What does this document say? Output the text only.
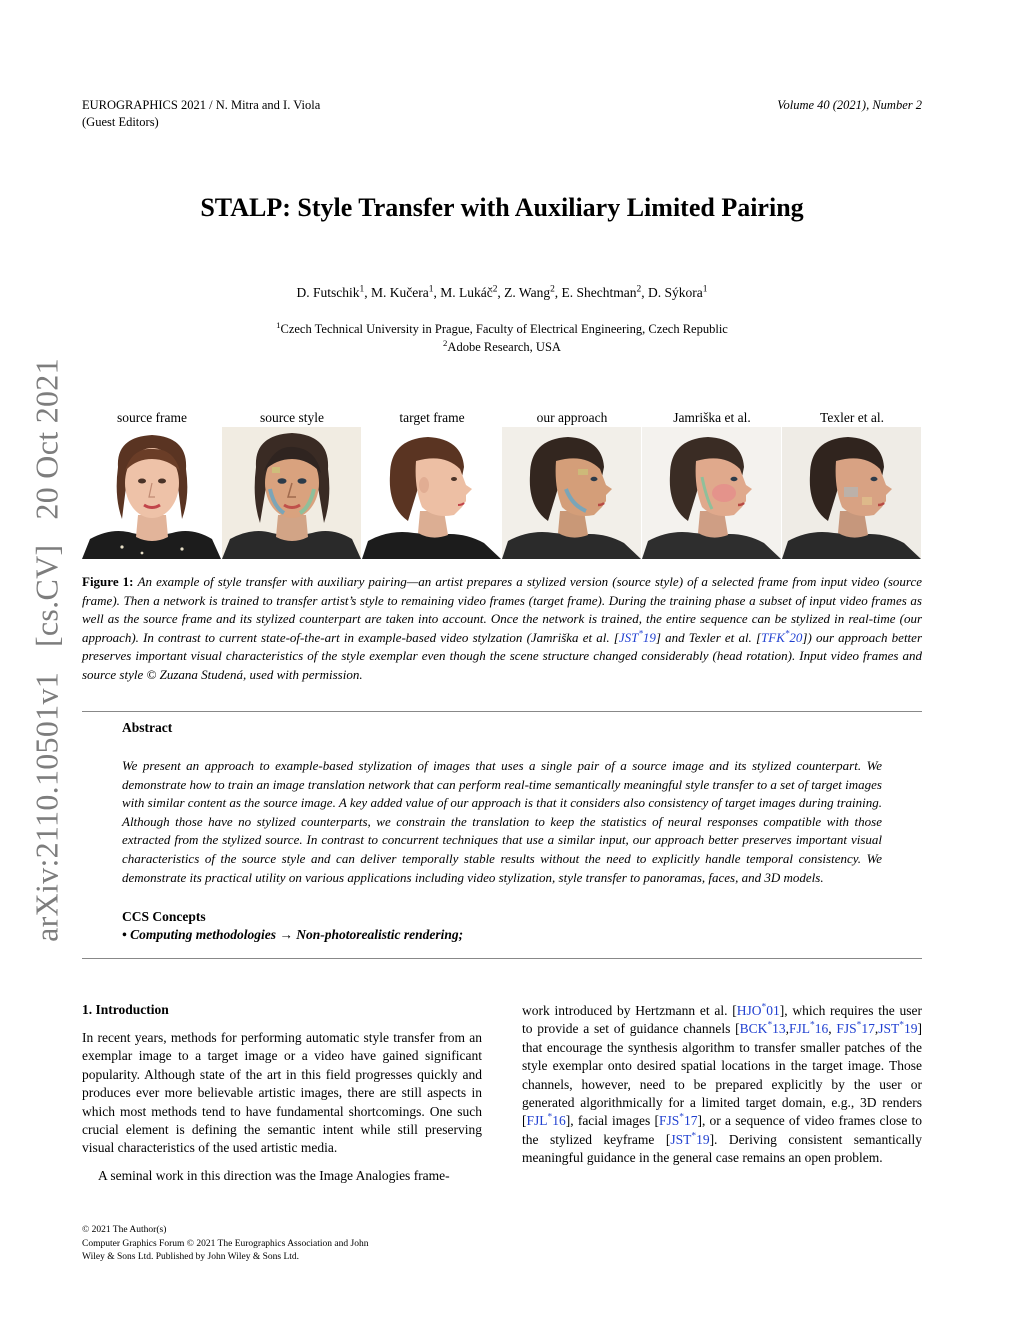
EUROGRAPHICS 2021 / N. Mitra and I. Viola
(Guest Editors)
Volume 40 (2021), Number 2
STALP: Style Transfer with Auxiliary Limited Pairing
D. Futschik$^1$, M. Kučera$^1$, M. Lukáč$^2$, Z. Wang$^2$, E. Shechtman$^2$, D. Sýkora$^1$
$^1$Czech Technical University in Prague, Faculty of Electrical Engineering, Czech Republic
$^2$Adobe Research, USA
source frame	source style	target frame	our approach	Jamriška et al.	Texler et al.
Figure 1: An example of style transfer with auxiliary pairing—an artist prepares a stylized version (source style) of a selected frame from input video (source frame). Then a network is trained to transfer artist’s style to remaining video frames (target frame). During the training phase a subset of input video frames as well as the source frame and its stylized counterpart are taken into account. Once the network is trained, the entire sequence can be stylized in real-time (our approach). In contrast to current state-of-the-art in example-based video stylzation (Jamriška et al. [JST*19] and Texler et al. [TFK*20]) our approach better preserves important visual characteristics of the style exemplar even though the scene structure changed considerably (head rotation). Input video frames and source style © Zuzana Studená, used with permission.
Abstract
We present an approach to example-based stylization of images that uses a single pair of a source image and its stylized counterpart. We demonstrate how to train an image translation network that can perform real-time semantically meaningful style transfer to a set of target images with similar content as the source image. A key added value of our approach is that it considers also consistency of target images during training. Although those have no stylized counterparts, we constrain the translation to keep the statistics of neural responses compatible with those extracted from the stylized source. In contrast to concurrent techniques that use a similar input, our approach better preserves important visual characteristics of the source style and can deliver temporally stable results without the need to explicitly handle temporal consistency. We demonstrate its practical utility on various applications including video stylization, style transfer to panoramas, faces, and 3D models.
CCS Concepts
• Computing methodologies → Non-photorealistic rendering;
1. Introduction

In recent years, methods for performing automatic style transfer from an exemplar image to a target image or a video have gained significant popularity. Although state of the art in this field progresses quickly and produces ever more believable artistic images, there are still aspects in which most methods tend to have fundamental shortcomings. One such crucial element is defining the semantic intent while still preserving visual characteristics of the used artistic media.

A seminal work in this direction was the Image Analogies frame-

work introduced by Hertzmann et al. [HJO*01], which requires the user to provide a set of guidance channels [BCK*13,FJL*16, FJS*17,JST*19] that encourage the synthesis algorithm to transfer smaller patches of the style exemplar onto desired spatial locations in the target image. Those channels, however, need to be prepared explicitly by the user or generated algorithmically for a limited target domain, e.g., 3D renders [FJL*16], facial images [FJS*17], or a sequence of video frames close to the stylized keyframe [JST*19]. Deriving consistent semantically meaningful guidance in the general case remains an open problem.

© 2021 The Author(s)
Computer Graphics Forum © 2021 The Eurographics Association and John
Wiley & Sons Ltd. Published by John Wiley & Sons Ltd.
arXiv:2110.10501v1   [cs.CV]   20 Oct 2021
